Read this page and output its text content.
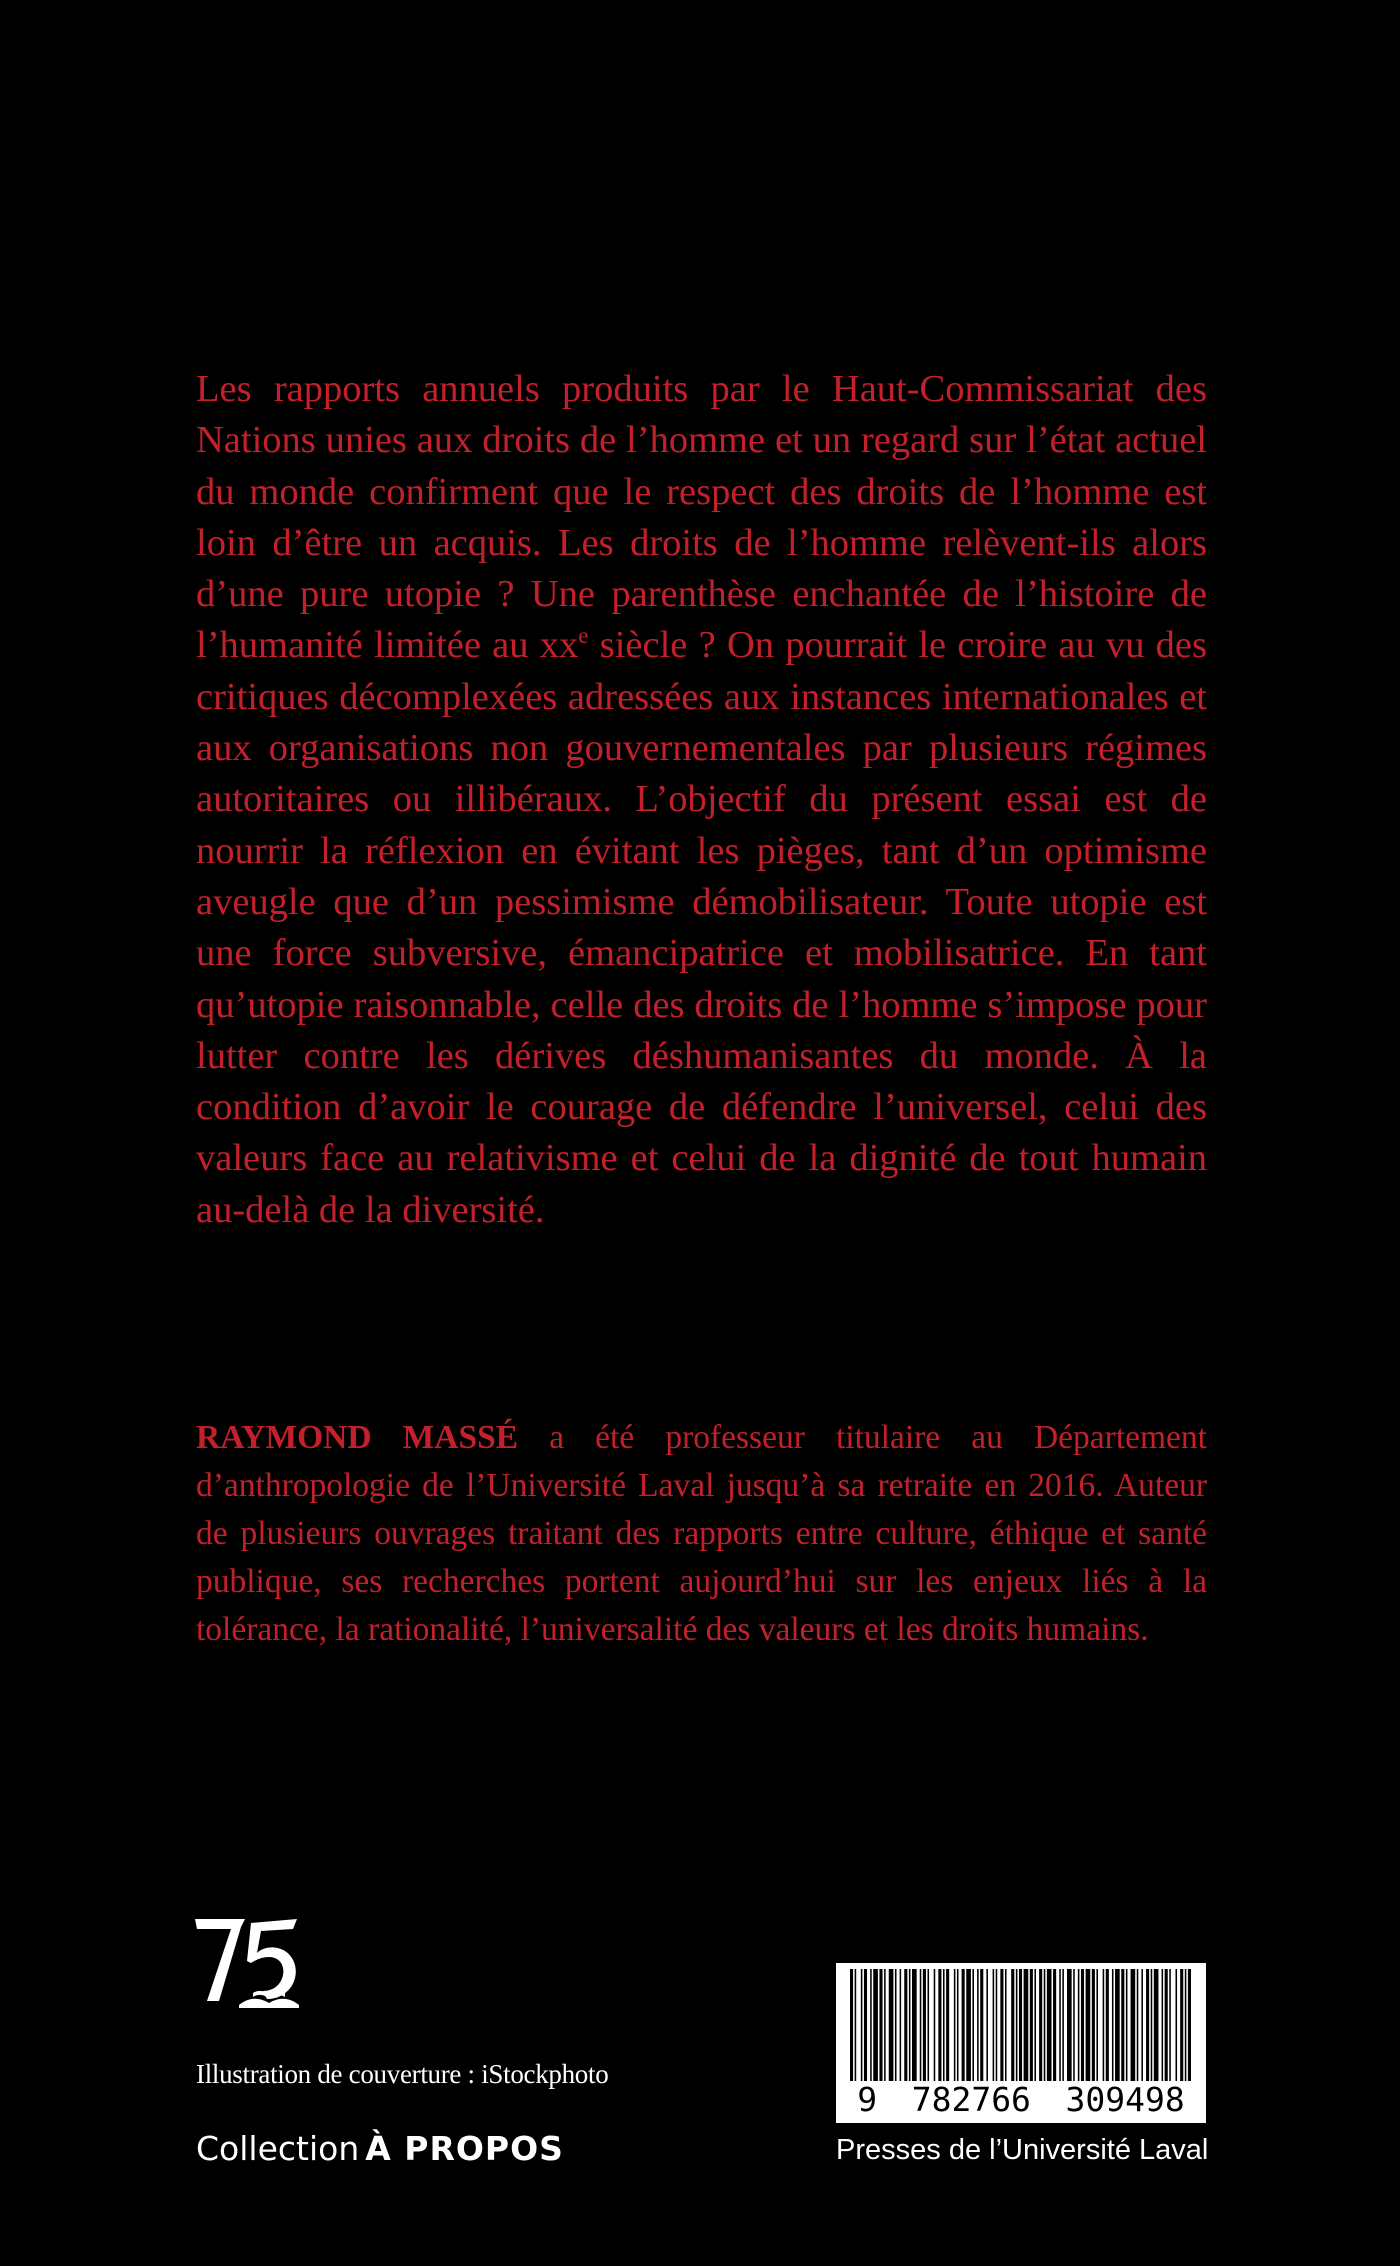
Les rapports annuels produits par le Haut-Commissariat des Nations unies aux droits de l’homme et un regard sur l’état actuel du monde confirment que le respect des droits de l’homme est loin d’être un acquis. Les droits de l’homme relèvent-ils alors d’une pure utopie ? Une parenthèse enchantée de l’histoire de l’humanité limitée au $xx^e$ siècle ? On pourrait le croire au vu des critiques décomplexées adressées aux instances internationales et aux organisations non gouvernementales par plusieurs régimes autoritaires ou illibéraux. L’objectif du présent essai est de nourrir la réflexion en évitant les pièges, tant d’un optimisme aveugle que d’un pessimisme démobilisateur. Toute utopie est une force subversive, émancipatrice et mobilisatrice. En tant qu’utopie raisonnable, celle des droits de l’homme s’impose pour lutter contre les dérives déshumanisantes du monde. À la condition d’avoir le courage de défendre l’universel, celui des valeurs face au relativisme et celui de la dignité de tout humain au-delà de la diversité.

RAYMOND MASSÉ a été professeur titulaire au Département d’anthropologie de l’Université Laval jusqu’à sa retraite en 2016. Auteur de plusieurs ouvrages traitant des rapports entre culture, éthique et santé publique, ses recherches portent aujourd’hui sur les enjeux liés à la tolérance, la rationalité, l’universalité des valeurs et les droits humains.

Illustration de couverture : iStockphoto
Collection À PROPOS
9 782766 309498
Presses de l’Université Laval
